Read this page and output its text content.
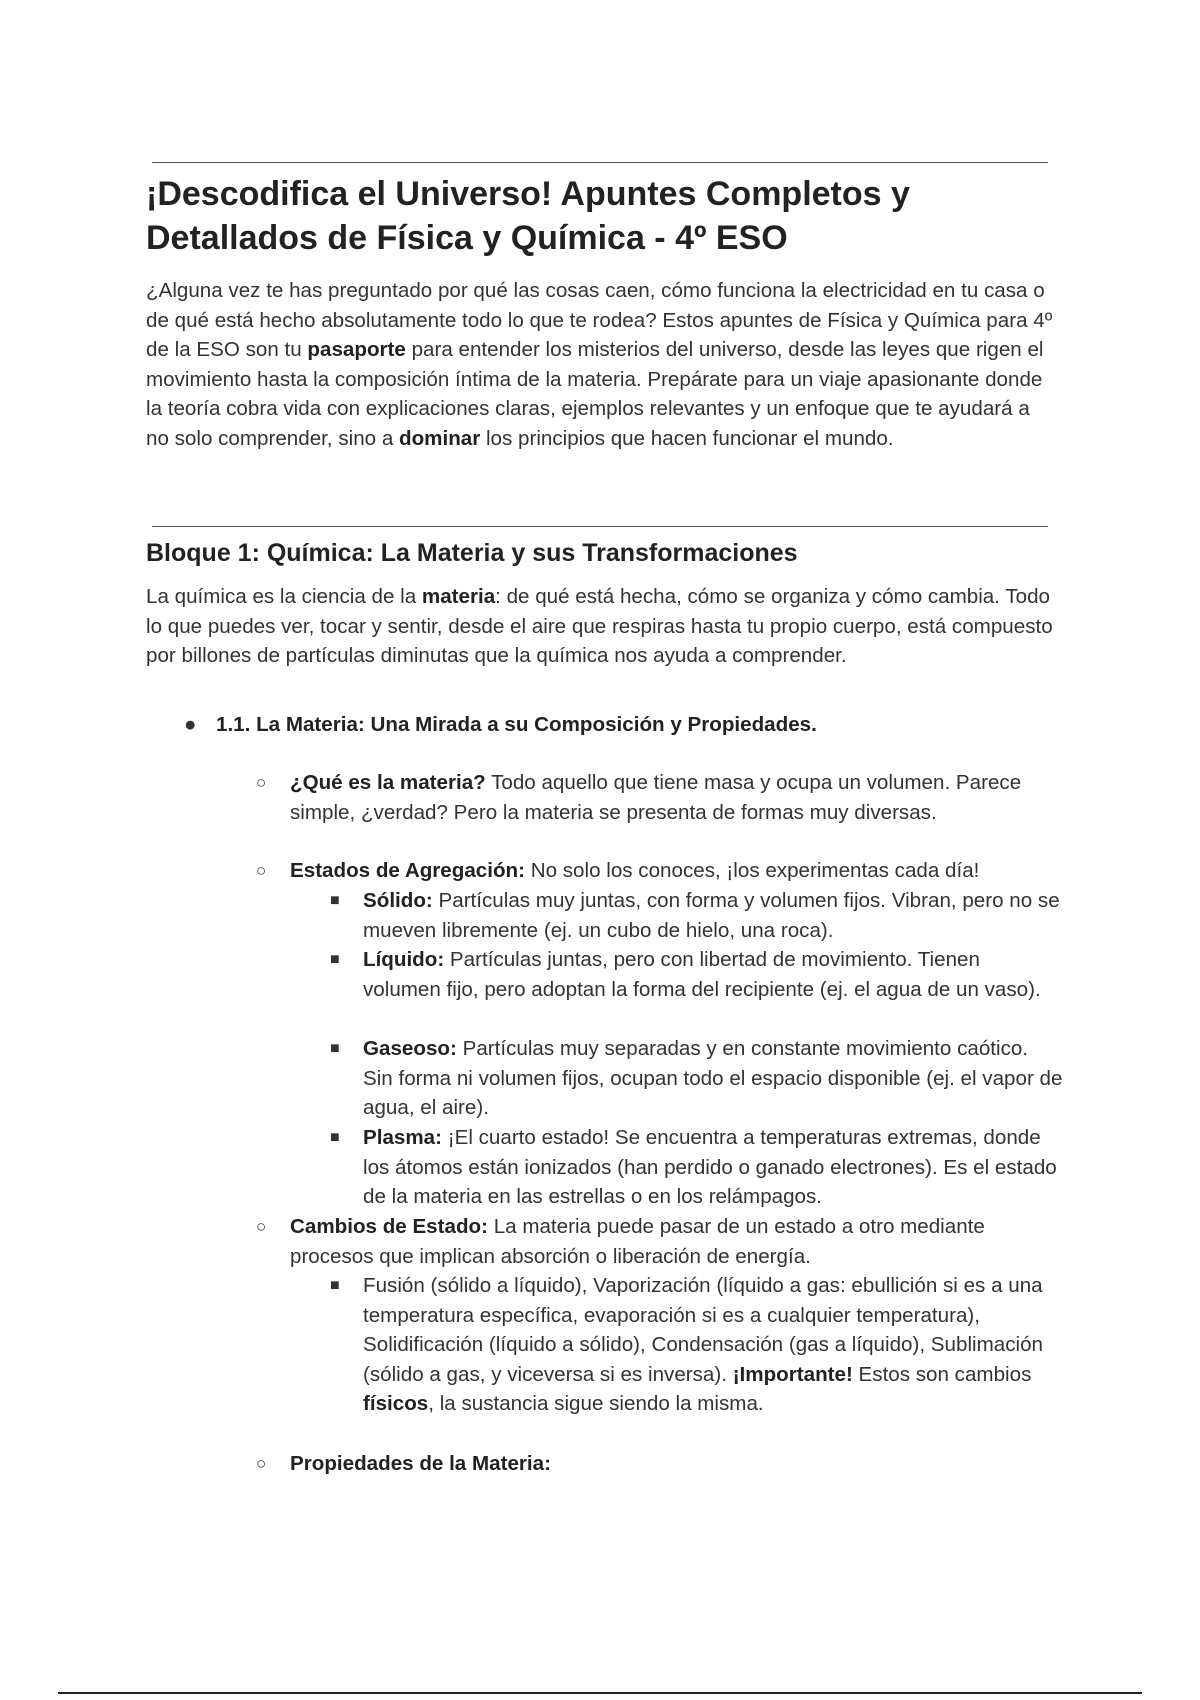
¡Descodifica el Universo! Apuntes Completos y
Detallados de Física y Química - 4º ESO

¿Alguna vez te has preguntado por qué las cosas caen, cómo funciona la electricidad en tu casa o de qué está hecho absolutamente todo lo que te rodea? Estos apuntes de Física y Química para 4º de la ESO son tu pasaporte para entender los misterios del universo, desde las leyes que rigen el movimiento hasta la composición íntima de la materia. Prepárate para un viaje apasionante donde la teoría cobra vida con explicaciones claras, ejemplos relevantes y un enfoque que te ayudará a no solo comprender, sino a dominar los principios que hacen funcionar el mundo.

Bloque 1: Química: La Materia y sus Transformaciones

La química es la ciencia de la materia: de qué está hecha, cómo se organiza y cómo cambia. Todo lo que puedes ver, tocar y sentir, desde el aire que respiras hasta tu propio cuerpo, está compuesto por billones de partículas diminutas que la química nos ayuda a comprender.

● 1.1. La Materia: Una Mirada a su Composición y Propiedades.
○ ¿Qué es la materia? Todo aquello que tiene masa y ocupa un volumen. Parece simple, ¿verdad? Pero la materia se presenta de formas muy diversas.

○ Estados de Agregación: No solo los conoces, ¡los experimentas cada día!

■ Sólido: Partículas muy juntas, con forma y volumen fijos. Vibran, pero no se mueven libremente (ej. un cubo de hielo, una roca).

■ Líquido: Partículas juntas, pero con libertad de movimiento. Tienen volumen fijo, pero adoptan la forma del recipiente (ej. el agua de un vaso).

■ Gaseoso: Partículas muy separadas y en constante movimiento caótico. Sin forma ni volumen fijos, ocupan todo el espacio disponible (ej. el vapor de agua, el aire).

■ Plasma: ¡El cuarto estado! Se encuentra a temperaturas extremas, donde los átomos están ionizados (han perdido o ganado electrones). Es el estado de la materia en las estrellas o en los relámpagos.

○ Cambios de Estado: La materia puede pasar de un estado a otro mediante procesos que implican absorción o liberación de energía.

■ Fusión (sólido a líquido), Vaporización (líquido a gas: ebullición si es a una temperatura específica, evaporación si es a cualquier temperatura), Solidificación (líquido a sólido), Condensación (gas a líquido), Sublimación (sólido a gas, y viceversa si es inversa). ¡Importante! Estos son cambios físicos, la sustancia sigue siendo la misma.

○ Propiedades de la Materia:
